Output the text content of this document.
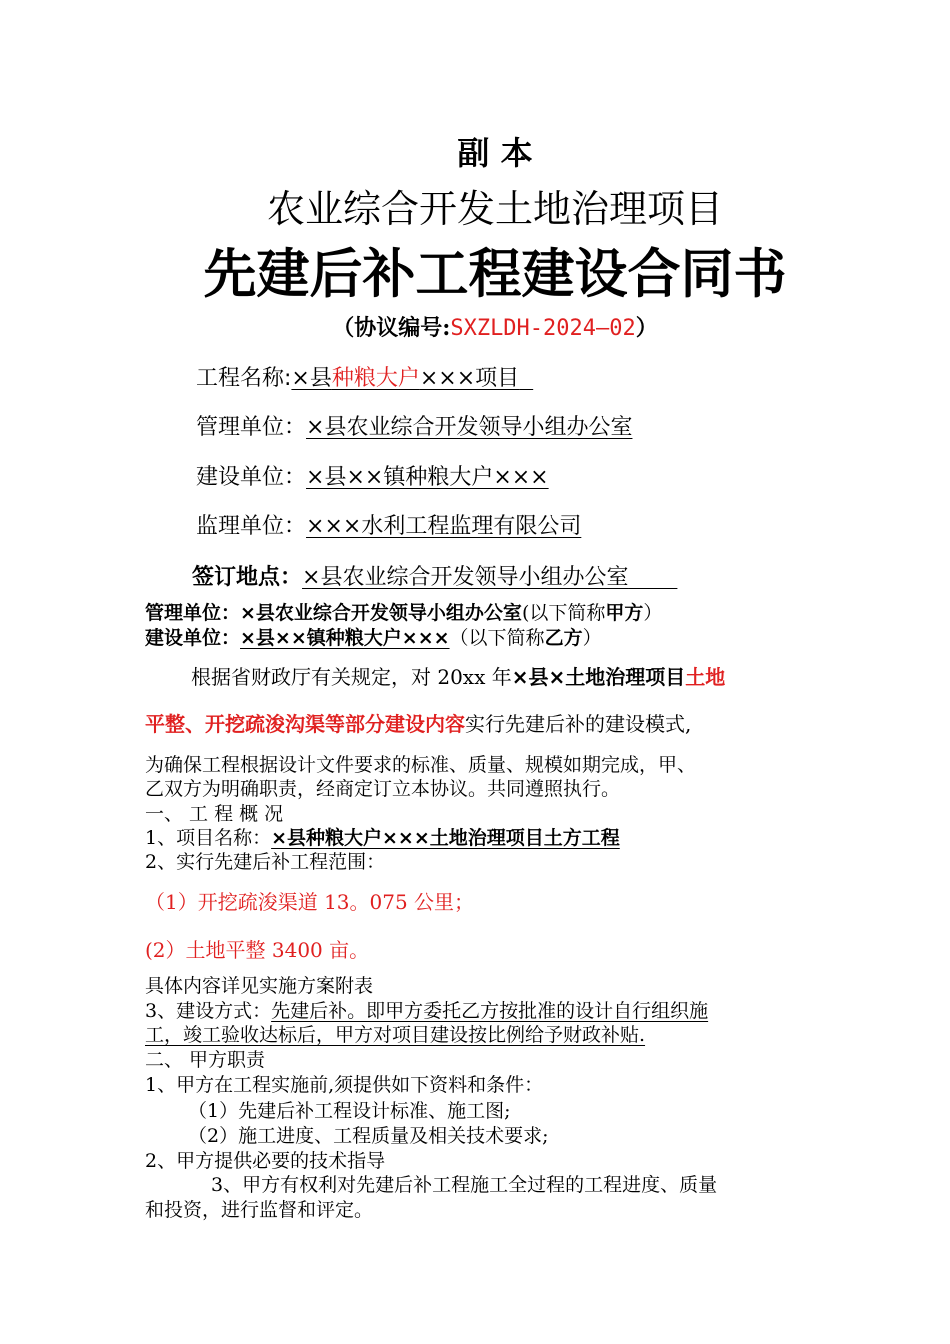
副 本
农业综合开发土地治理项目
先建后补工程建设合同书
（协议编号:SXZLDH-2024—02）
工程名称:×县种粮大户×××项目
管理单位：×县农业综合开发领导小组办公室
建设单位：×县××镇种粮大户×××
监理单位：×××水利工程监理有限公司
签订地点：×县农业综合开发领导小组办公室
管理单位：×县农业综合开发领导小组办公室(以下简称甲方）
建设单位：×县××镇种粮大户×××（以下简称乙方）
根据省财政厅有关规定，对 20xx 年×县×土地治理项目土地
平整、开挖疏浚沟渠等部分建设内容实行先建后补的建设模式,
为确保工程根据设计文件要求的标准、质量、规模如期完成，甲、
乙双方为明确职责，经商定订立本协议。共同遵照执行。
一、 工 程 概 况
1、项目名称：×县种粮大户×××土地治理项目土方工程
2、实行先建后补工程范围：
（1）开挖疏浚渠道 13。075 公里；
(2）土地平整 3400 亩。
具体内容详见实施方案附表
3、建设方式：先建后补。即甲方委托乙方按批准的设计自行组织施
工，竣工验收达标后，甲方对项目建设按比例给予财政补贴.
二、 甲方职责
1、甲方在工程实施前,须提供如下资料和条件：
（1）先建后补工程设计标准、施工图;
（2）施工进度、工程质量及相关技术要求;
2、甲方提供必要的技术指导
3、甲方有权利对先建后补工程施工全过程的工程进度、质量
和投资，进行监督和评定。
